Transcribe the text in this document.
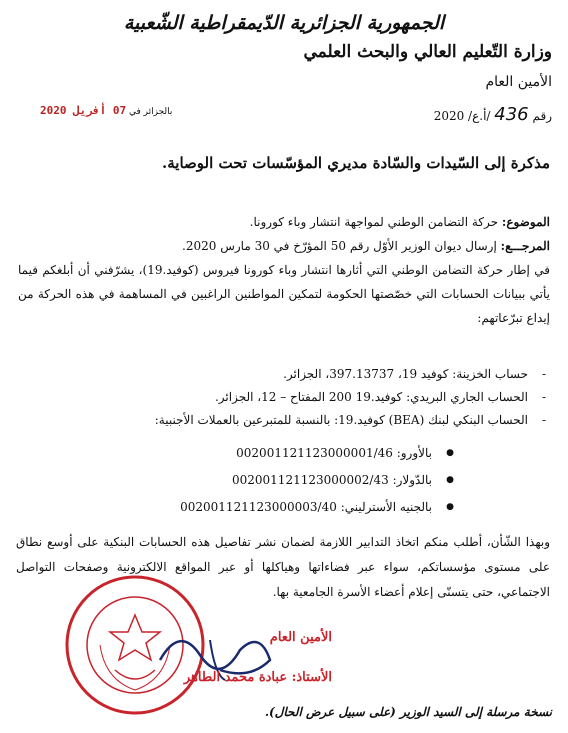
الجمهورية الجزائرية الدّيمقراطية الشّعبية
وزارة التّعليم العالي والبحث العلمي
الأمين العام
رقم 436 /أ.ع/ 2020
بالجزائر في 07 أفريل 2020
مذكرة إلى السّيدات والسّادة مديري المؤسّسات تحت الوصاية.
الموضوع: حركة التضامن الوطني لمواجهة انتشار وباء كورونا.
المرجـــع: إرسال ديوان الوزير الأوّل رقم 50 المؤرّخ في 30 مارس 2020.
في إطار حركة التضامن الوطني التي أثارها انتشار وباء كورونا فيروس (كوفيد.19)، يشرّفني أن أبلغكم فيما يأتي ببيانات الحسابات التي خصّصتها الحكومة لتمكين المواطنين الراغبين في المساهمة في هذه الحركة من إيداع تبرّعاتهم:
- حساب الخزينة: كوفيد 19، 397.13737، الجزائر.
- الحساب الجاري البريدي: كوفيد.19 200 المفتاح – 12، الجزائر.
- الحساب البنكي لبنك (BEA) كوفيد.19: بالنسبة للمتبرعين بالعملات الأجنبية:
● بالأورو: 002001121123000001/46
● بالدّولار: 002001121123000002/43
● بالجنيه الأسترليني: 002001121123000003/40
وبهذا الشّأن، أطلب منكم اتخاذ التدابير اللازمة لضمان نشر تفاصيل هذه الحسابات البنكية على أوسع نطاق على مستوى مؤسساتكم، سواء عبر فضاءاتها وهياكلها أو عبر المواقع الالكترونية وصفحات التواصل الاجتماعي، حتى يتسنّى إعلام أعضاء الأسرة الجامعية بها.
الأمين العام
الأستاذ: عبادة محمد الطاهر
نسخة مرسلة إلى السيد الوزير (على سبيل عرض الحال).
